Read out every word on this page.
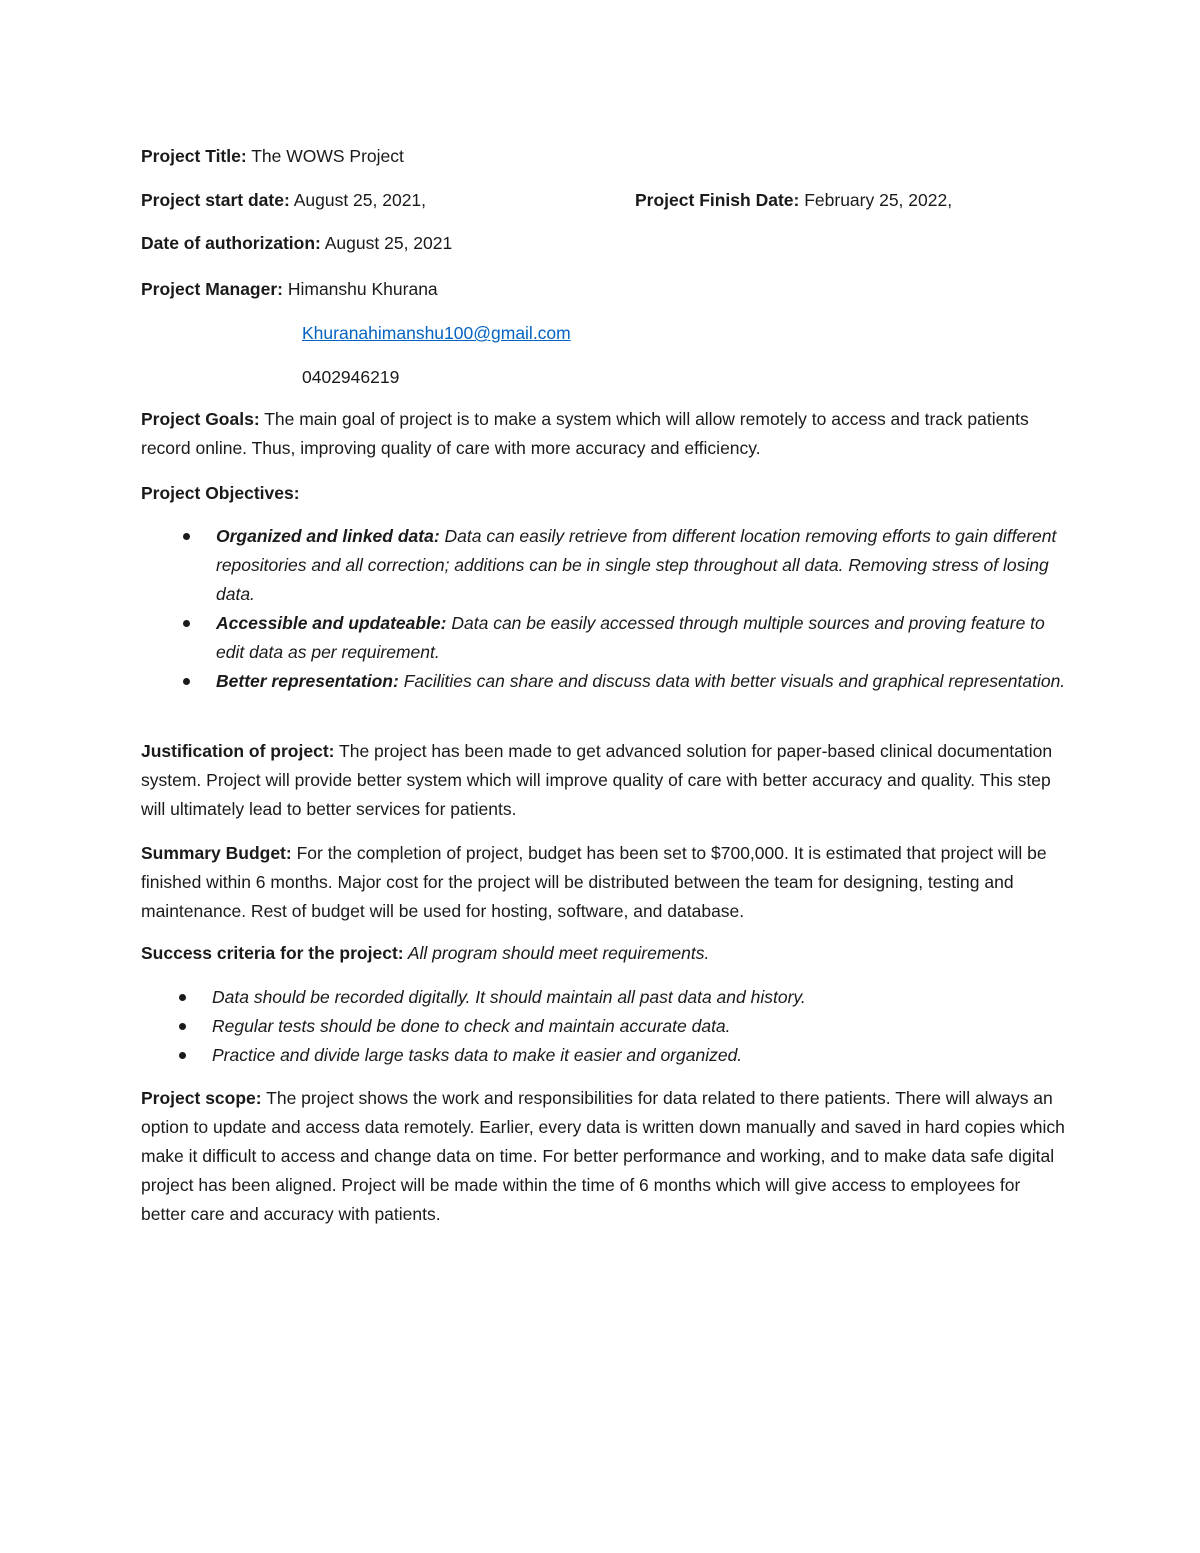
Project Title: The WOWS Project
Project start date: August 25, 2021,	Project Finish Date: February 25, 2022,
Date of authorization: August 25, 2021
Project Manager: Himanshu Khurana
Khuranahimanshu100@gmail.com
0402946219
Project Goals: The main goal of project is to make a system which will allow remotely to access and track patients record online. Thus, improving quality of care with more accuracy and efficiency.
Project Objectives:
Organized and linked data: Data can easily retrieve from different location removing efforts to gain different repositories and all correction; additions can be in single step throughout all data. Removing stress of losing data.
Accessible and updateable: Data can be easily accessed through multiple sources and proving feature to edit data as per requirement.
Better representation: Facilities can share and discuss data with better visuals and graphical representation.
Justification of project: The project has been made to get advanced solution for paper-based clinical documentation system. Project will provide better system which will improve quality of care with better accuracy and quality. This step will ultimately lead to better services for patients.
Summary Budget: For the completion of project, budget has been set to $700,000. It is estimated that project will be finished within 6 months. Major cost for the project will be distributed between the team for designing, testing and maintenance. Rest of budget will be used for hosting, software, and database.
Success criteria for the project: All program should meet requirements.
Data should be recorded digitally. It should maintain all past data and history.
Regular tests should be done to check and maintain accurate data.
Practice and divide large tasks data to make it easier and organized.
Project scope: The project shows the work and responsibilities for data related to there patients. There will always an option to update and access data remotely. Earlier, every data is written down manually and saved in hard copies which make it difficult to access and change data on time. For better performance and working, and to make data safe digital project has been aligned. Project will be made within the time of 6 months which will give access to employees for better care and accuracy with patients.
